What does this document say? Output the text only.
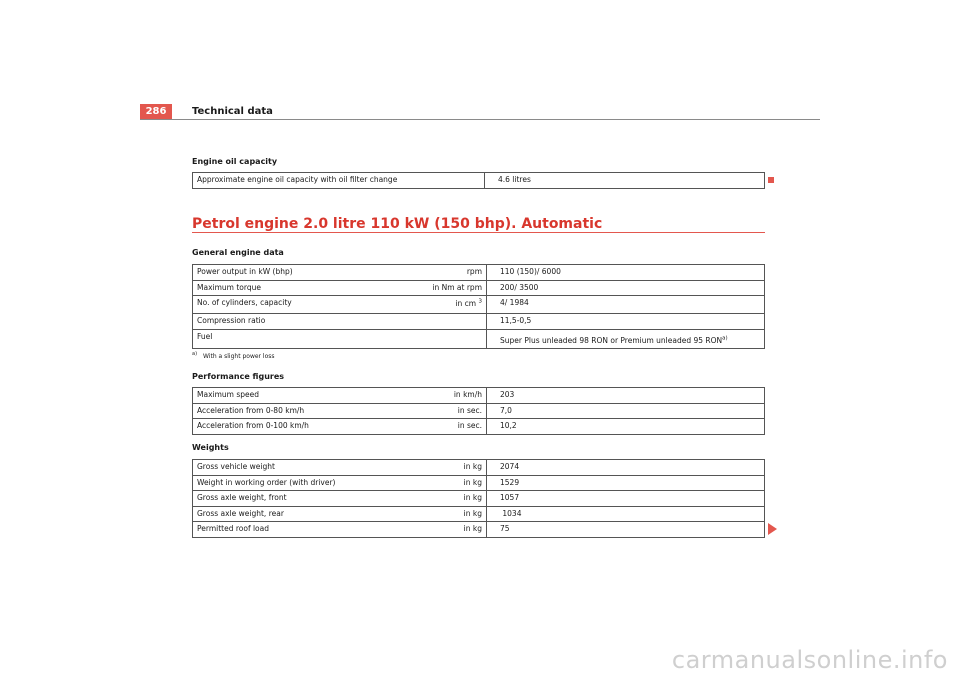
286	Technical data
Engine oil capacity
Approximate engine oil capacity with oil filter change	4.6 litres
Petrol engine 2.0 litre 110 kW (150 bhp). Automatic
General engine data
Power output in kW (bhp)	rpm	110 (150)/ 6000
Maximum torque	in Nm at rpm	200/ 3500
No. of cylinders, capacity	in cm $^3$	4/ 1984
Compression ratio		11,5-0,5
Fuel		Super Plus unleaded 98 RON or Premium unleaded 95 RON$^{a)}$
$^{a)}$ With a slight power loss
Performance figures
Maximum speed	in km/h	203
Acceleration from 0-80 km/h	in sec.	7,0
Acceleration from 0-100 km/h	in sec.	10,2
Weights
Gross vehicle weight	in kg	2074
Weight in working order (with driver)	in kg	1529
Gross axle weight, front	in kg	1057
Gross axle weight, rear	in kg	1034
Permitted roof load	in kg	75
carmanualsonline.info
